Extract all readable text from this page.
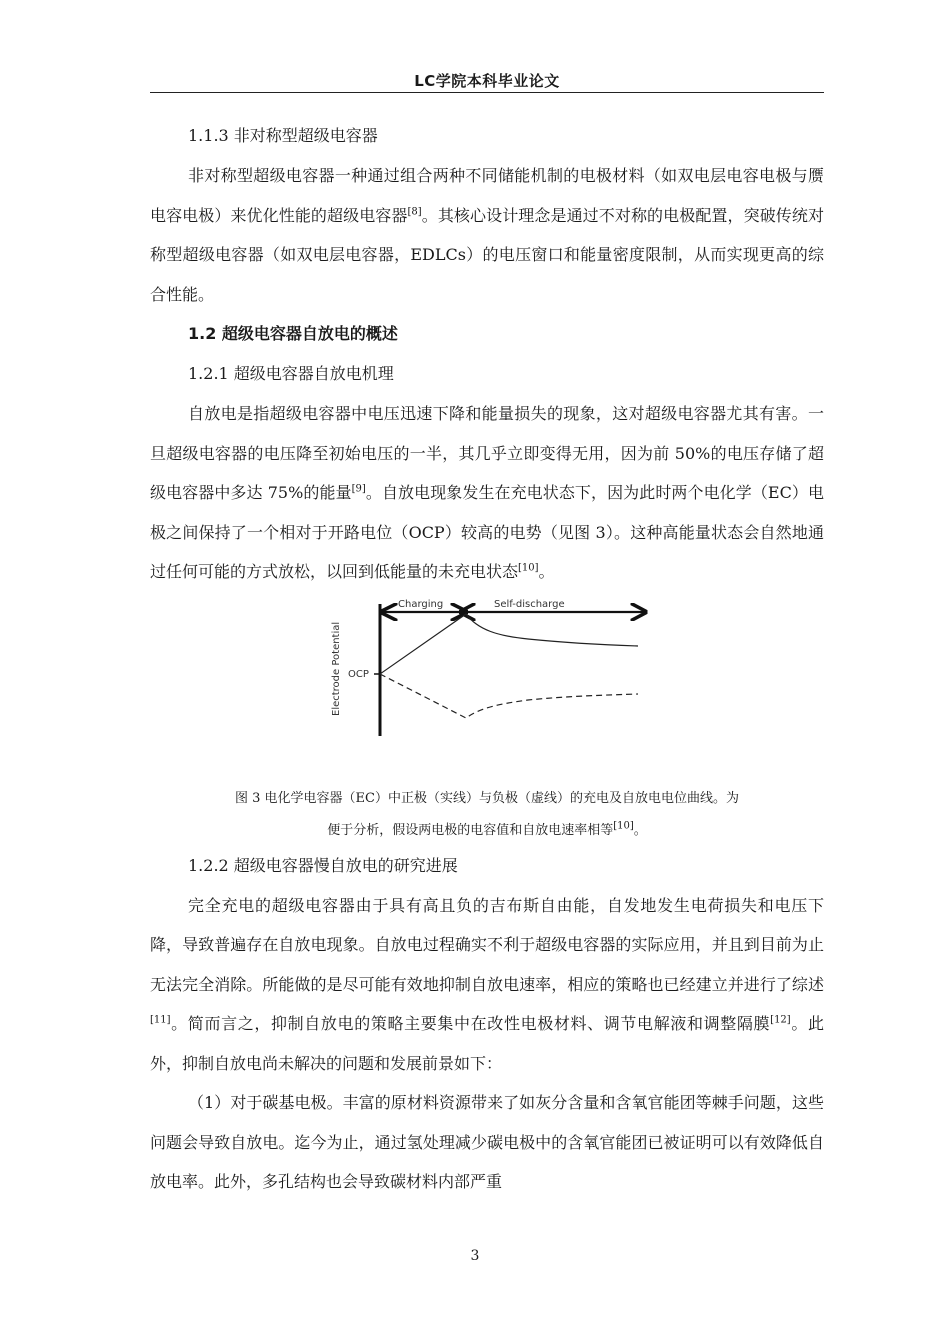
LC学院本科毕业论文

1.1.3 非对称型超级电容器

非对称型超级电容器一种通过组合两种不同储能机制的电极材料（如双电层电容电极与赝电容电极）来优化性能的超级电容器[8]。其核心设计理念是通过不对称的电极配置，突破传统对称型超级电容器（如双电层电容器，EDLCs）的电压窗口和能量密度限制，从而实现更高的综合性能。

1.2 超级电容器自放电的概述

1.2.1 超级电容器自放电机理

自放电是指超级电容器中电压迅速下降和能量损失的现象，这对超级电容器尤其有害。一旦超级电容器的电压降至初始电压的一半，其几乎立即变得无用，因为前 50%的电压存储了超级电容器中多达 75%的能量[9]。自放电现象发生在充电状态下，因为此时两个电化学（EC）电极之间保持了一个相对于开路电位（OCP）较高的电势（见图 3）。这种高能量状态会自然地通过任何可能的方式放松，以回到低能量的未充电状态[10]。

Charging	Self-discharge
OCP
Electrode Potential

图 3 电化学电容器（EC）中正极（实线）与负极（虚线）的充电及自放电电位曲线。为

便于分析，假设两电极的电容值和自放电速率相等[10]。

1.2.2 超级电容器慢自放电的研究进展

完全充电的超级电容器由于具有高且负的吉布斯自由能，自发地发生电荷损失和电压下降，导致普遍存在自放电现象。自放电过程确实不利于超级电容器的实际应用，并且到目前为止无法完全消除。所能做的是尽可能有效地抑制自放电速率，相应的策略也已经建立并进行了综述[11]。简而言之，抑制自放电的策略主要集中在改性电极材料、调节电解液和调整隔膜[12]。此外，抑制自放电尚未解决的问题和发展前景如下：

（1）对于碳基电极。丰富的原材料资源带来了如灰分含量和含氧官能团等棘手问题，这些问题会导致自放电。迄今为止，通过氢处理减少碳电极中的含氧官能团已被证明可以有效降低自放电率。此外，多孔结构也会导致碳材料内部严重

3
